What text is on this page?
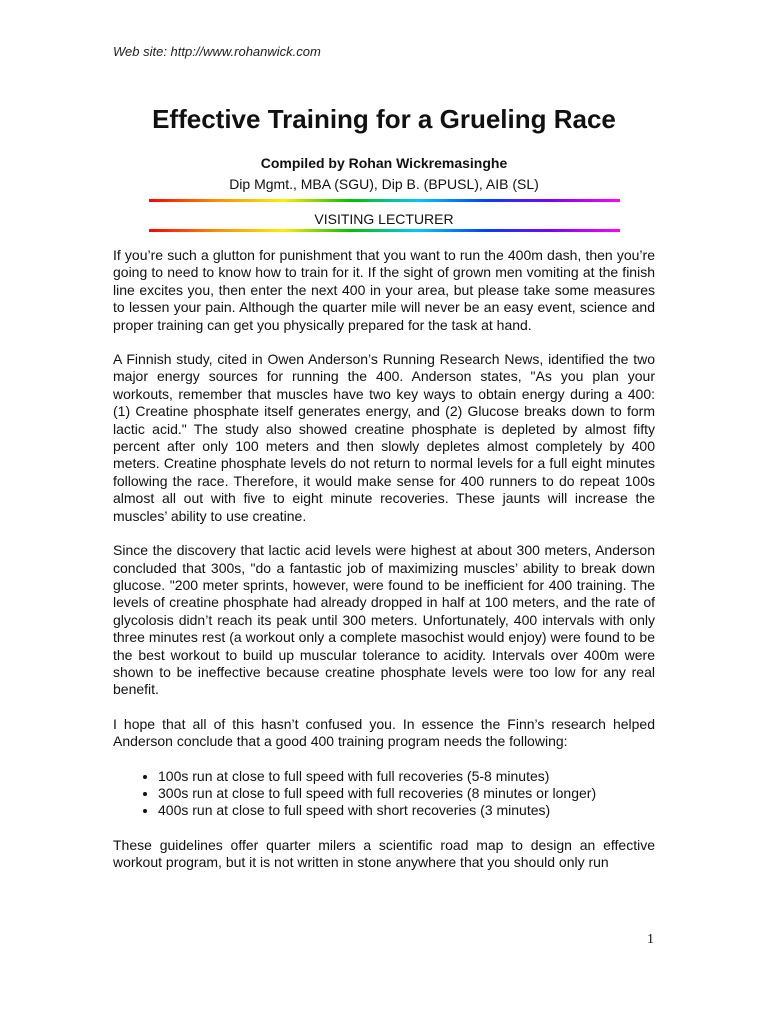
Web site: http://www.rohanwick.com
Effective Training for a Grueling Race
Compiled by Rohan Wickremasinghe
Dip Mgmt., MBA (SGU), Dip B. (BPUSL), AIB (SL)
VISITING LECTURER

If you’re such a glutton for punishment that you want to run the 400m dash, then you’re going to need to know how to train for it. If the sight of grown men vomiting at the finish line excites you, then enter the next 400 in your area, but please take some measures to lessen your pain. Although the quarter mile will never be an easy event, science and proper training can get you physically prepared for the task at hand.

A Finnish study, cited in Owen Anderson’s Running Research News, identified the two major energy sources for running the 400. Anderson states, "As you plan your workouts, remember that muscles have two key ways to obtain energy during a 400: (1) Creatine phosphate itself generates energy, and (2) Glucose breaks down to form lactic acid." The study also showed creatine phosphate is depleted by almost fifty percent after only 100 meters and then slowly depletes almost completely by 400 meters. Creatine phosphate levels do not return to normal levels for a full eight minutes following the race. Therefore, it would make sense for 400 runners to do repeat 100s almost all out with five to eight minute recoveries. These jaunts will increase the muscles’ ability to use creatine.

Since the discovery that lactic acid levels were highest at about 300 meters, Anderson concluded that 300s, "do a fantastic job of maximizing muscles’ ability to break down glucose. "200 meter sprints, however, were found to be inefficient for 400 training. The levels of creatine phosphate had already dropped in half at 100 meters, and the rate of glycolosis didn’t reach its peak until 300 meters. Unfortunately, 400 intervals with only three minutes rest (a workout only a complete masochist would enjoy) were found to be the best workout to build up muscular tolerance to acidity. Intervals over 400m were shown to be ineffective because creatine phosphate levels were too low for any real benefit.

I hope that all of this hasn’t confused you. In essence the Finn’s research helped Anderson conclude that a good 400 training program needs the following:

• 100s run at close to full speed with full recoveries (5-8 minutes)
• 300s run at close to full speed with full recoveries (8 minutes or longer)
• 400s run at close to full speed with short recoveries (3 minutes)

These guidelines offer quarter milers a scientific road map to design an effective workout program, but it is not written in stone anywhere that you should only run

1
